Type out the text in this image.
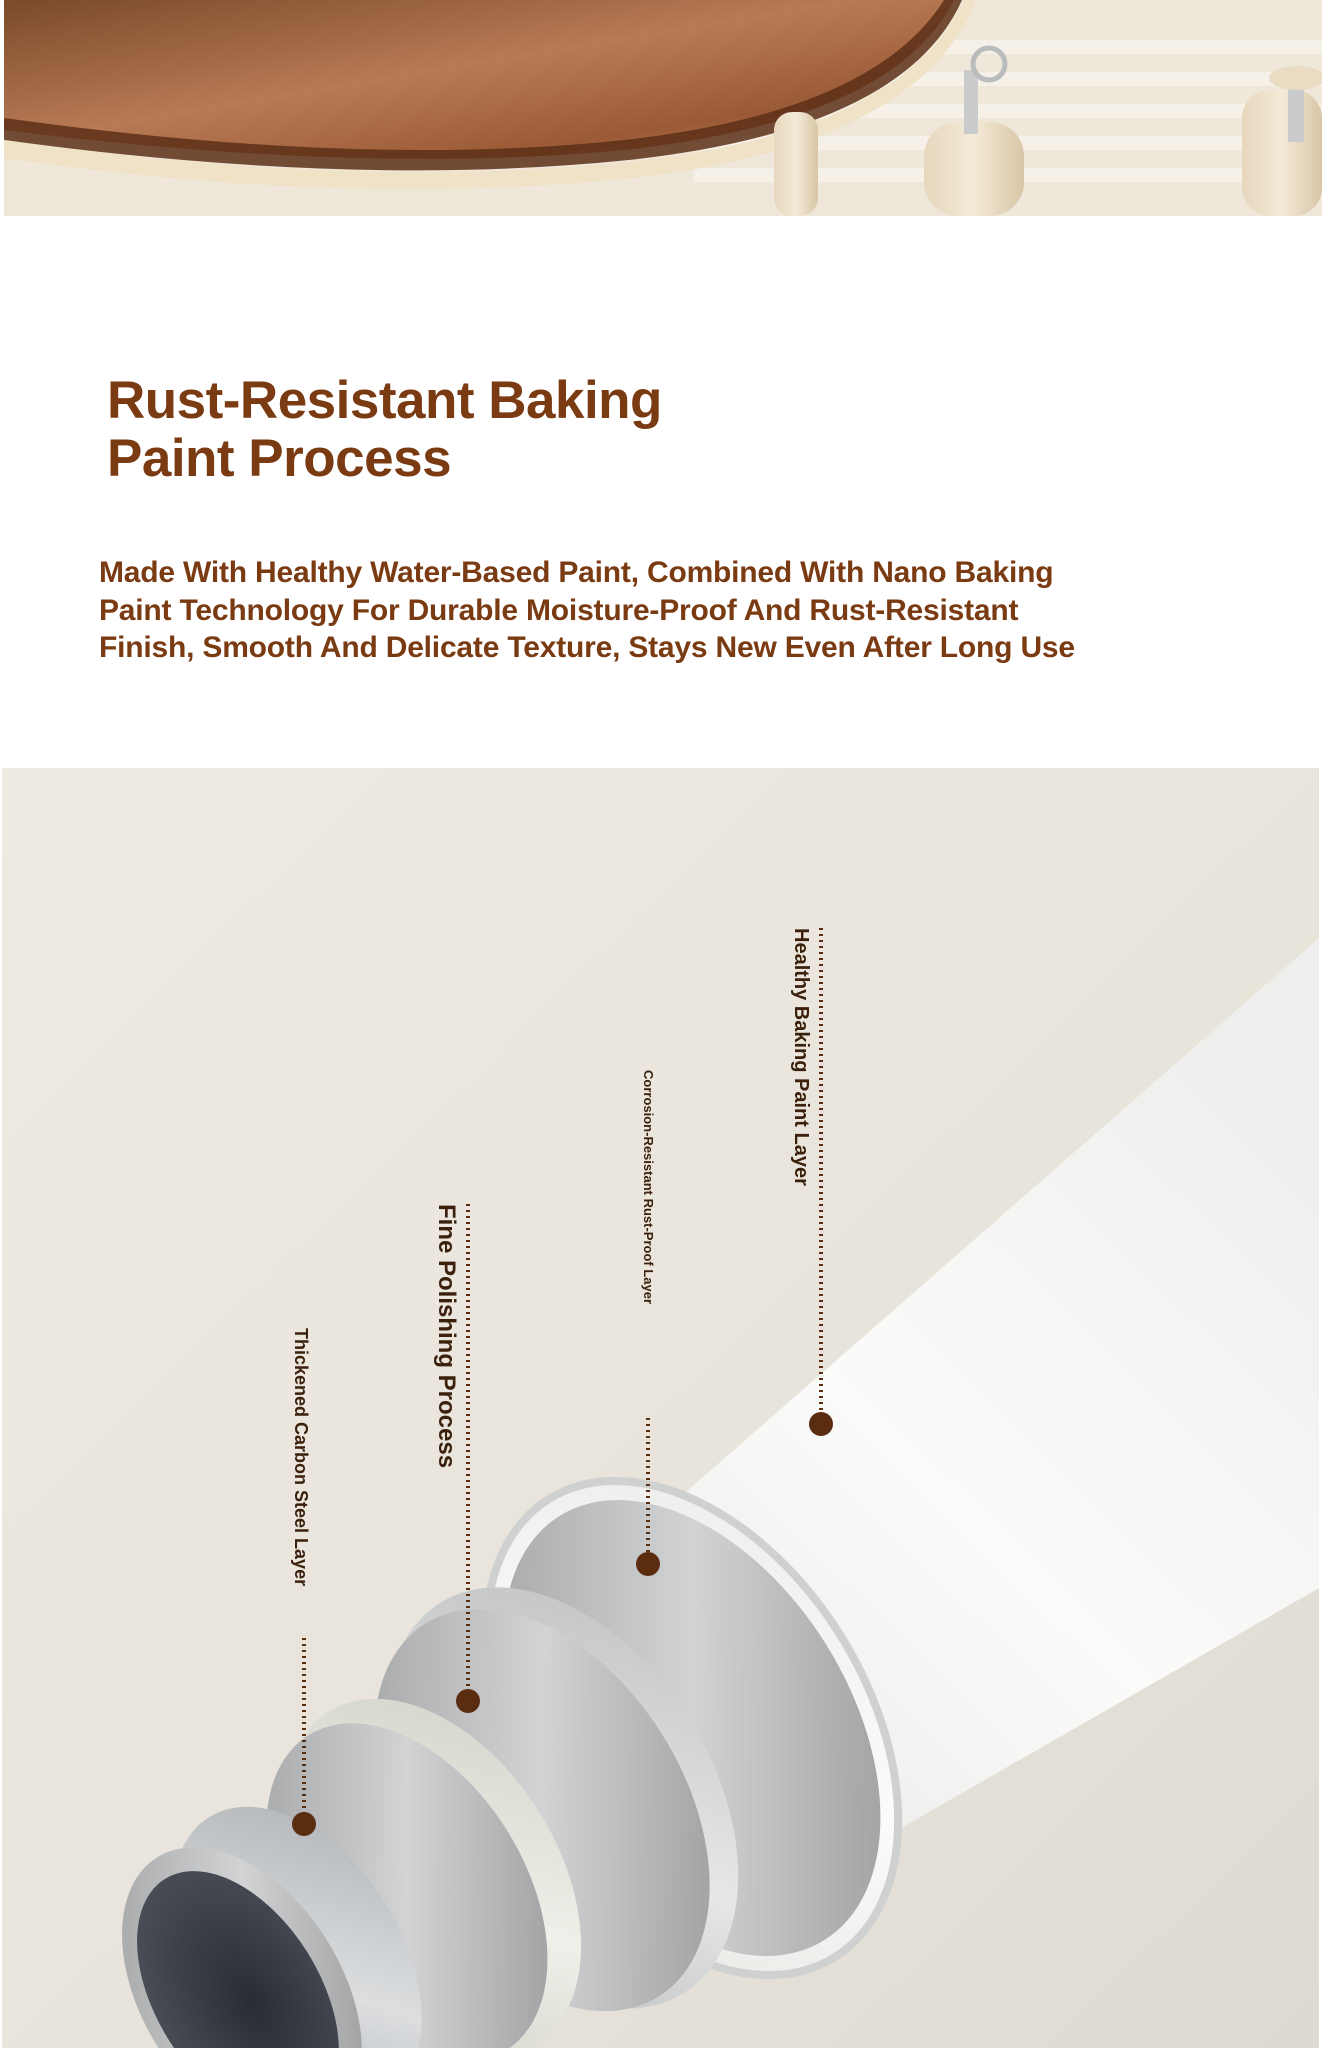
Rust-Resistant Baking
Paint Process

Made With Healthy Water-Based Paint, Combined With Nano Baking
Paint Technology For Durable Moisture-Proof And Rust-Resistant
Finish, Smooth And Delicate Texture, Stays New Even After Long Use

Healthy Baking Paint Layer
Corrosion-Resistant Rust-Proof Layer
Fine Polishing Process
Thickened Carbon Steel Layer
